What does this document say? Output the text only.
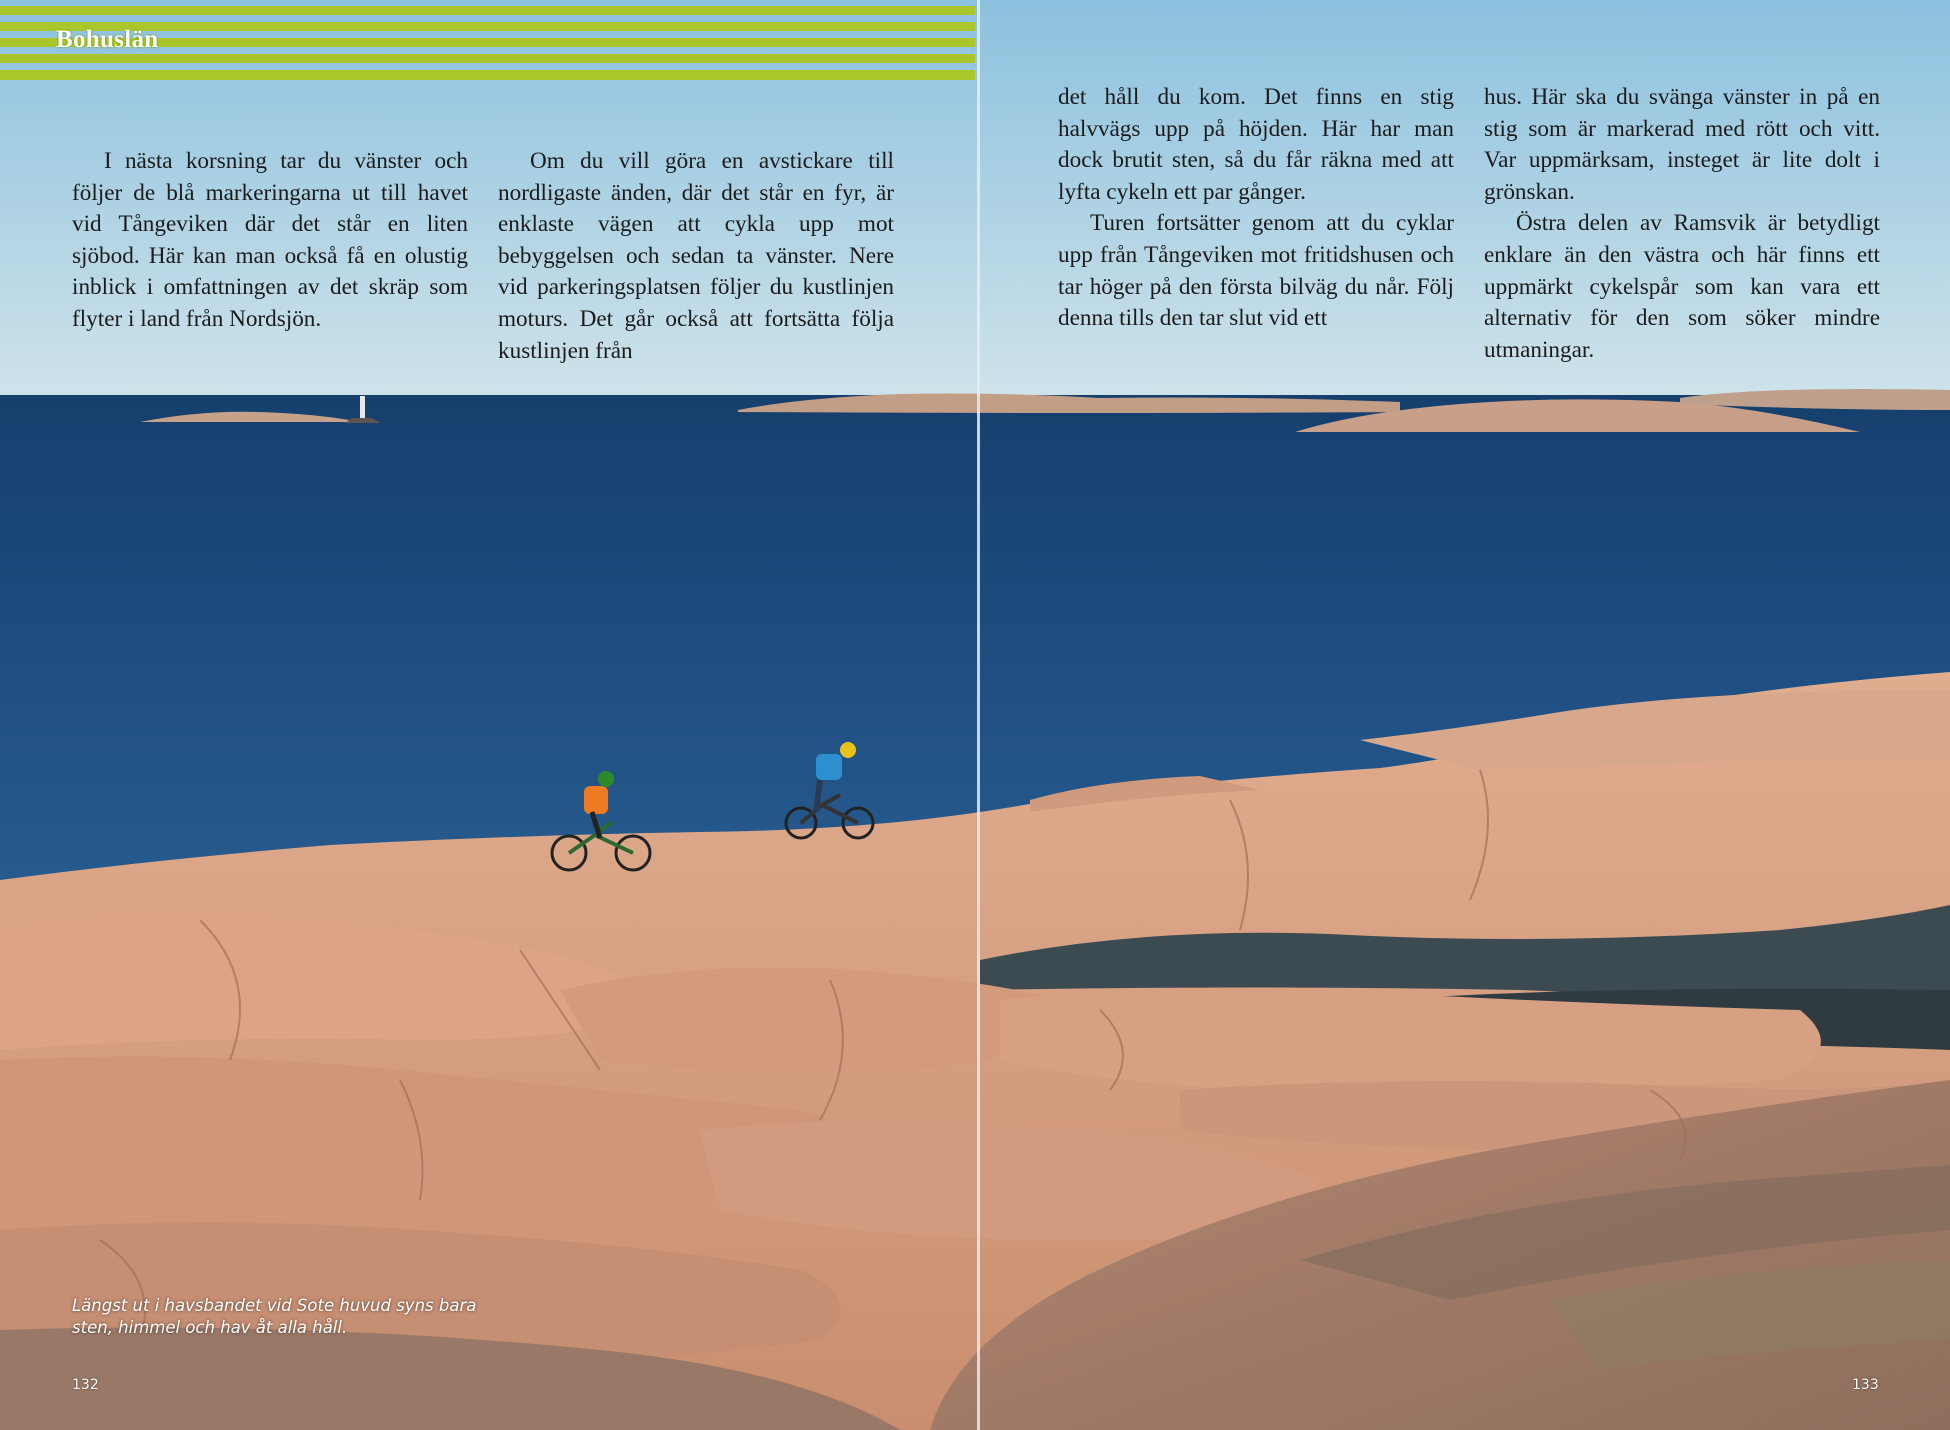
Bohuslän

I nästa korsning tar du vänster och följer de blå markeringarna ut till havet vid Tångeviken där det står en liten sjöbod. Här kan man också få en olustig inblick i omfattningen av det skräp som flyter i land från Nordsjön.

Om du vill göra en avstickare till nordligaste änden, där det står en fyr, är enklaste vägen att cykla upp mot bebyggelsen och sedan ta vänster. Nere vid parkeringsplatsen följer du kustlinjen moturs. Det går också att fortsätta följa kustlinjen från

det håll du kom. Det finns en stig halvvägs upp på höjden. Här har man dock brutit sten, så du får räkna med att lyfta cykeln ett par gånger.

Turen fortsätter genom att du cyklar upp från Tångeviken mot fritidshusen och tar höger på den första bilväg du når. Följ denna tills den tar slut vid ett

hus. Här ska du svänga vänster in på en stig som är markerad med rött och vitt. Var uppmärksam, insteget är lite dolt i grönskan.

Östra delen av Ramsvik är betydligt enklare än den västra och här finns ett uppmärkt cykelspår som kan vara ett alternativ för den som söker mindre utmaningar.

Längst ut i havsbandet vid Sote huvud syns bara sten, himmel och hav åt alla håll.
132	133
